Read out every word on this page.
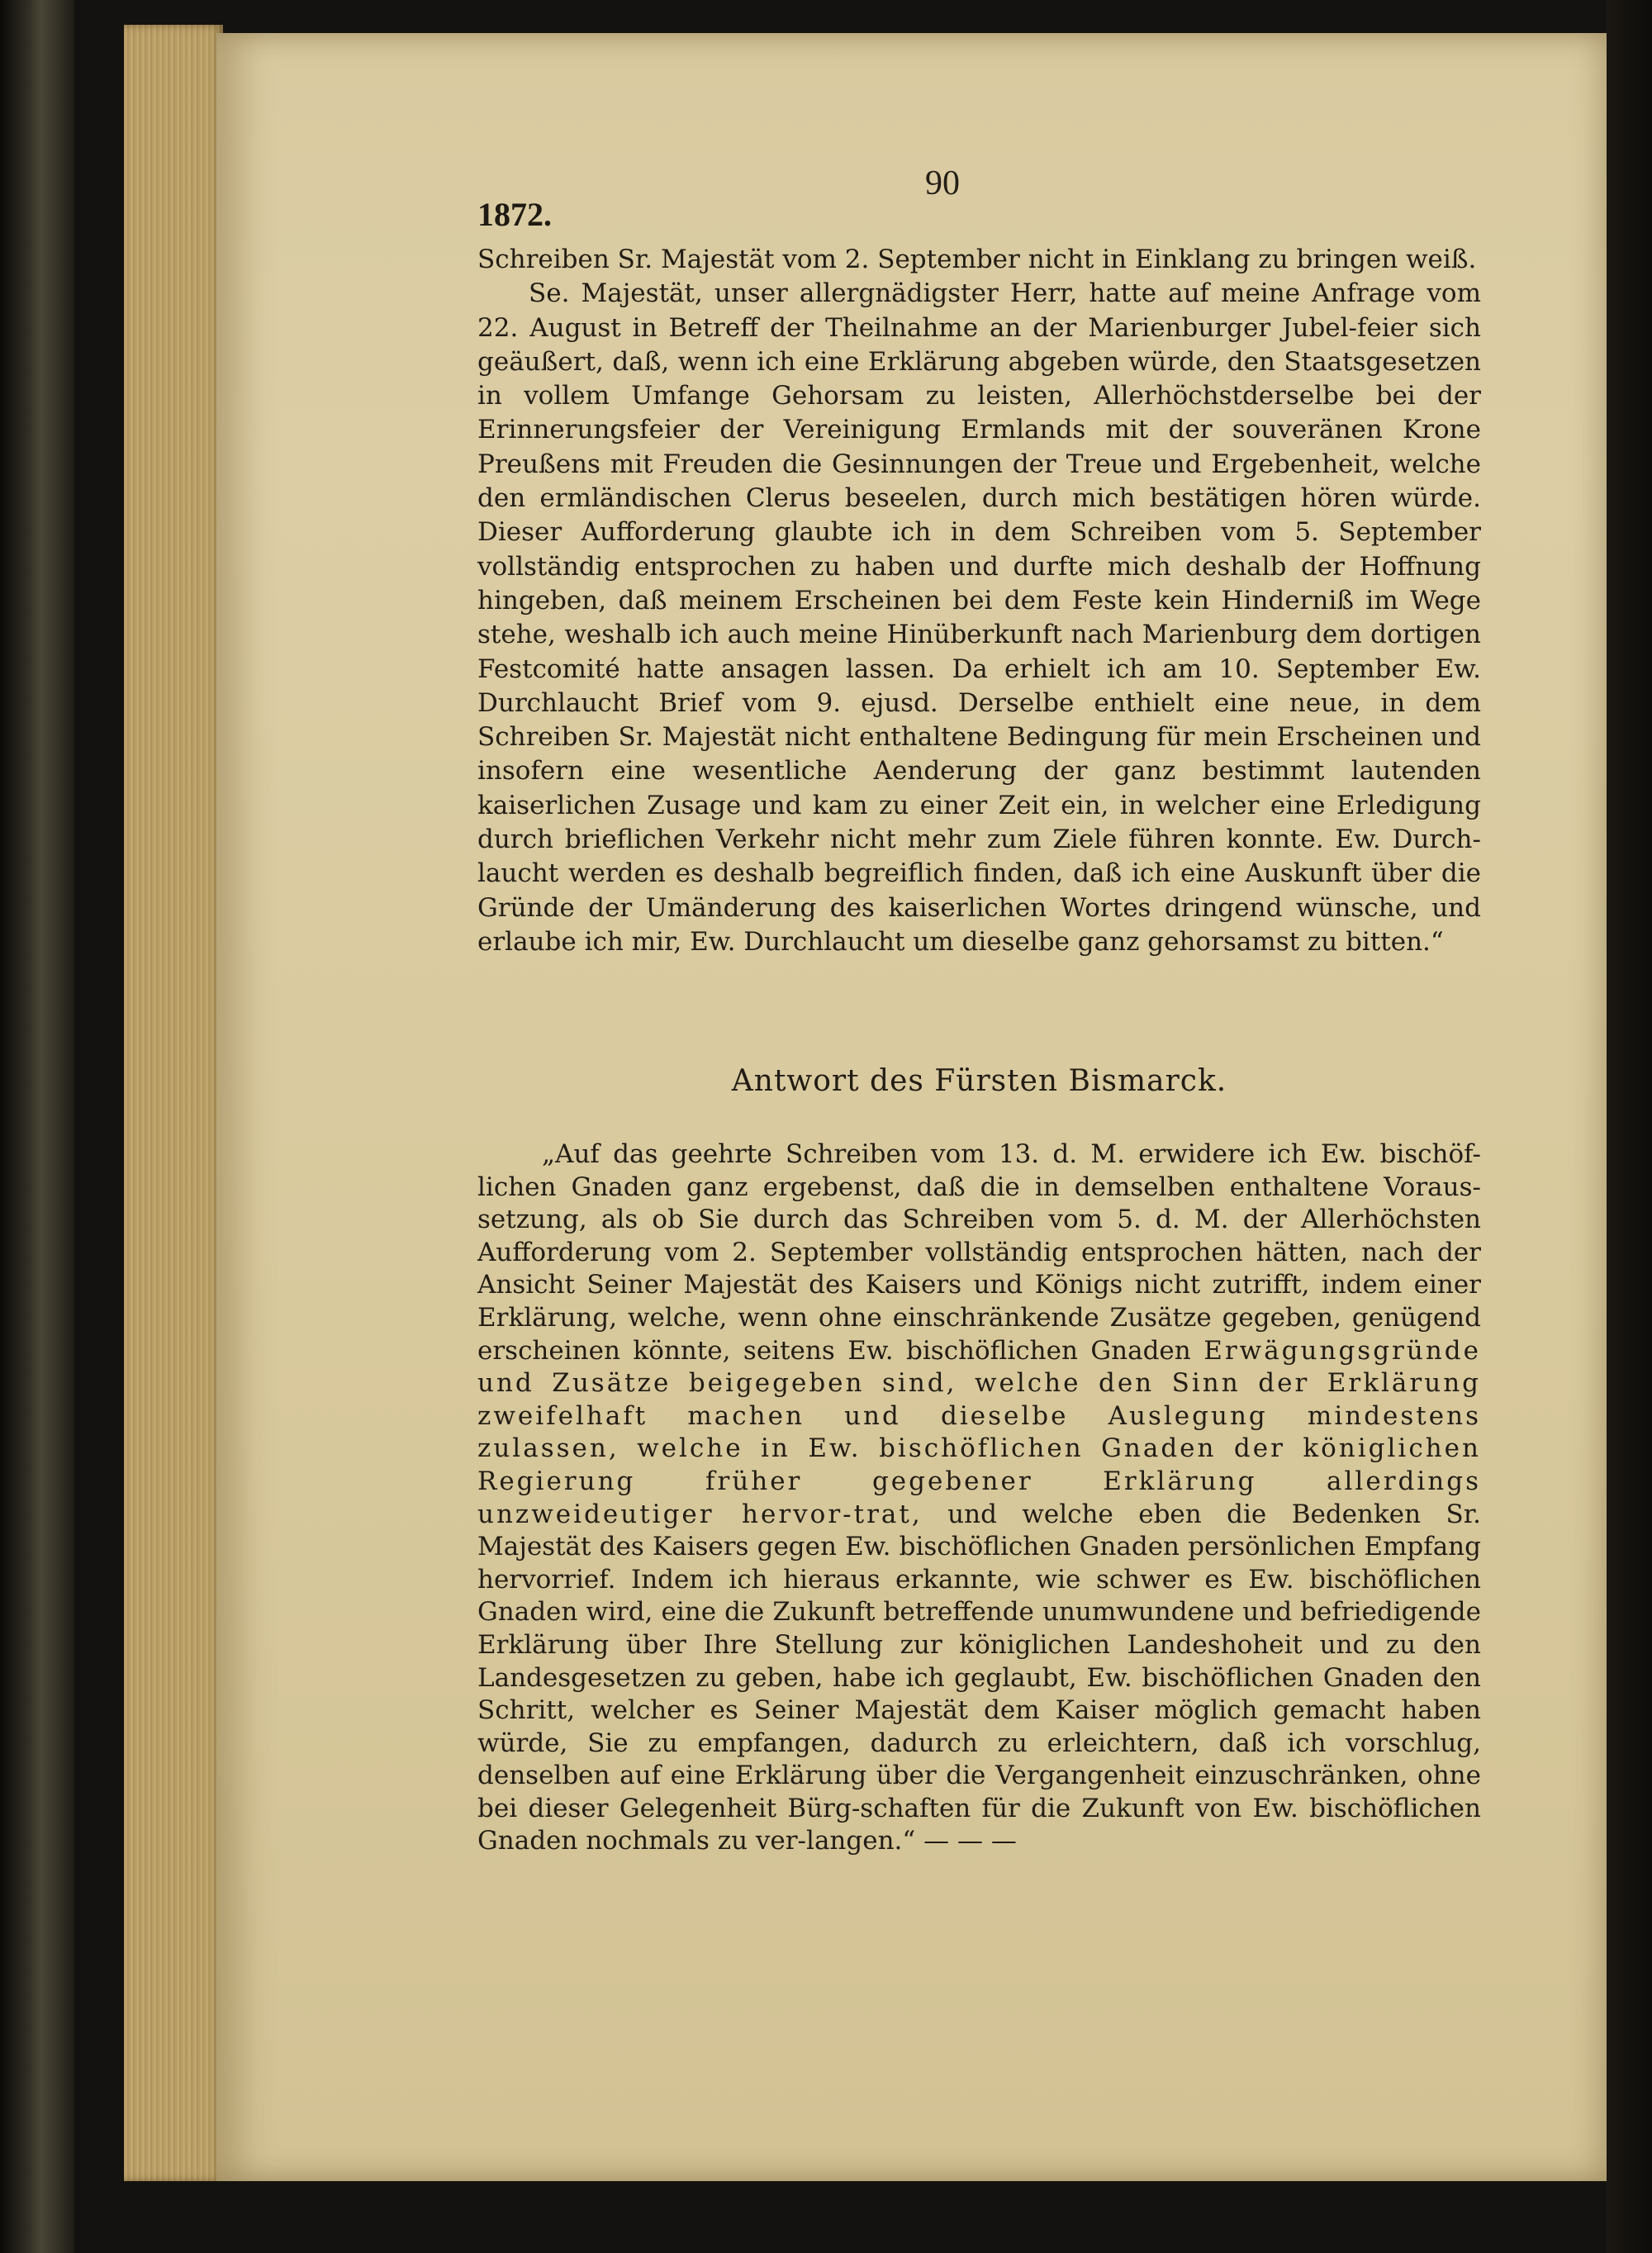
90
1872.

Schreiben Sr. Majestät vom 2. September nicht in Einklang zu bringen weiß.

Se. Majestät, unser allergnädigster Herr, hatte auf meine Anfrage vom 22. August in Betreff der Theilnahme an der Marienburger Jubel-feier sich geäußert, daß, wenn ich eine Erklärung abgeben würde, den Staatsgesetzen in vollem Umfange Gehorsam zu leisten, Allerhöchstderselbe bei der Erinnerungsfeier der Vereinigung Ermlands mit der souveränen Krone Preußens mit Freuden die Gesinnungen der Treue und Ergebenheit, welche den ermländischen Clerus beseelen, durch mich bestätigen hören würde. Dieser Aufforderung glaubte ich in dem Schreiben vom 5. September vollständig entsprochen zu haben und durfte mich deshalb der Hoffnung hingeben, daß meinem Erscheinen bei dem Feste kein Hinderniß im Wege stehe, weshalb ich auch meine Hinüberkunft nach Marienburg dem dortigen Festcomité hatte ansagen lassen. Da erhielt ich am 10. September Ew. Durchlaucht Brief vom 9. ejusd. Derselbe enthielt eine neue, in dem Schreiben Sr. Majestät nicht enthaltene Bedingung für mein Erscheinen und insofern eine wesentliche Aenderung der ganz bestimmt lautenden kaiserlichen Zusage und kam zu einer Zeit ein, in welcher eine Erledigung durch brieflichen Verkehr nicht mehr zum Ziele führen konnte. Ew. Durch-laucht werden es deshalb begreiflich finden, daß ich eine Auskunft über die Gründe der Umänderung des kaiserlichen Wortes dringend wünsche, und erlaube ich mir, Ew. Durchlaucht um dieselbe ganz gehorsamst zu bitten.“

Antwort des Fürsten Bismarck.

„Auf das geehrte Schreiben vom 13. d. M. erwidere ich Ew. bischöf-lichen Gnaden ganz ergebenst, daß die in demselben enthaltene Voraus-setzung, als ob Sie durch das Schreiben vom 5. d. M. der Allerhöchsten Aufforderung vom 2. September vollständig entsprochen hätten, nach der Ansicht Seiner Majestät des Kaisers und Königs nicht zutrifft, indem einer Erklärung, welche, wenn ohne einschränkende Zusätze gegeben, genügend erscheinen könnte, seitens Ew. bischöflichen Gnaden Erwägungsgründe und Zusätze beigegeben sind, welche den Sinn der Erklärung zweifelhaft machen und dieselbe Auslegung mindestens zulassen, welche in Ew. bischöflichen Gnaden der königlichen Regierung früher gegebener Erklärung allerdings unzweideutiger hervor-trat, und welche eben die Bedenken Sr. Majestät des Kaisers gegen Ew. bischöflichen Gnaden persönlichen Empfang hervorrief. Indem ich hieraus erkannte, wie schwer es Ew. bischöflichen Gnaden wird, eine die Zukunft betreffende unumwundene und befriedigende Erklärung über Ihre Stellung zur königlichen Landeshoheit und zu den Landesgesetzen zu geben, habe ich geglaubt, Ew. bischöflichen Gnaden den Schritt, welcher es Seiner Majestät dem Kaiser möglich gemacht haben würde, Sie zu empfangen, dadurch zu erleichtern, daß ich vorschlug, denselben auf eine Erklärung über die Vergangenheit einzuschränken, ohne bei dieser Gelegenheit Bürg-schaften für die Zukunft von Ew. bischöflichen Gnaden nochmals zu ver-langen.“ — — —
